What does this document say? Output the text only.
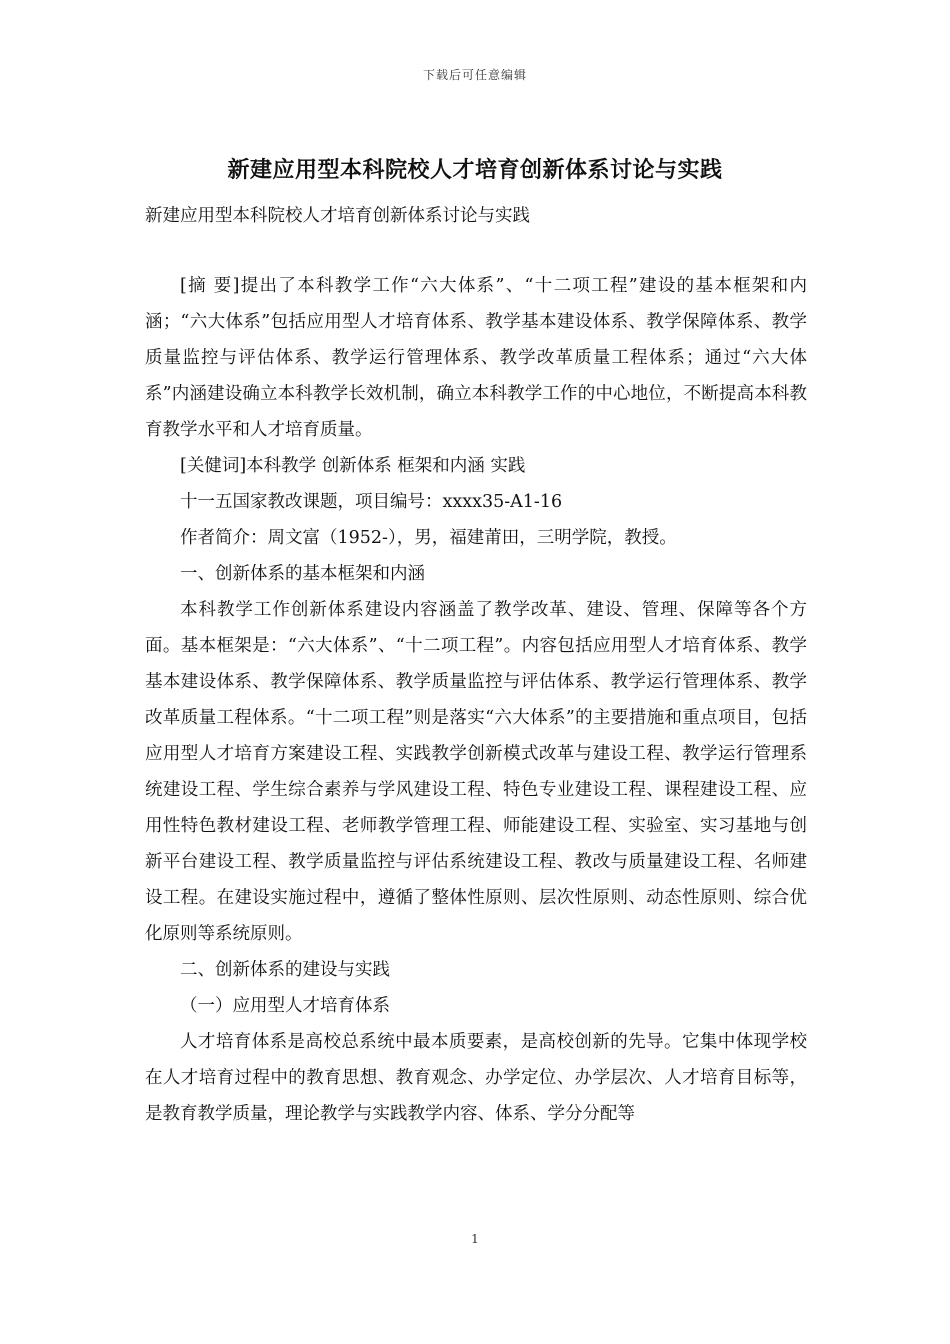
下载后可任意编辑
新建应用型本科院校人才培育创新体系讨论与实践
新建应用型本科院校人才培育创新体系讨论与实践

[摘 要]提出了本科教学工作“六大体系”、“十二项工程”建设的基本框架和内涵；“六大体系”包括应用型人才培育体系、教学基本建设体系、教学保障体系、教学质量监控与评估体系、教学运行管理体系、教学改革质量工程体系；通过“六大体系”内涵建设确立本科教学长效机制，确立本科教学工作的中心地位，不断提高本科教育教学水平和人才培育质量。

[关健词]本科教学 创新体系 框架和内涵 实践

十一五国家教改课题，项目编号：xxxx35-A1-16

作者简介：周文富（1952-），男，福建莆田，三明学院，教授。

一、创新体系的基本框架和内涵

本科教学工作创新体系建设内容涵盖了教学改革、建设、管理、保障等各个方面。基本框架是：“六大体系”、“十二项工程”。内容包括应用型人才培育体系、教学基本建设体系、教学保障体系、教学质量监控与评估体系、教学运行管理体系、教学改革质量工程体系。“十二项工程”则是落实“六大体系”的主要措施和重点项目，包括应用型人才培育方案建设工程、实践教学创新模式改革与建设工程、教学运行管理系统建设工程、学生综合素养与学风建设工程、特色专业建设工程、课程建设工程、应用性特色教材建设工程、老师教学管理工程、师能建设工程、实验室、实习基地与创新平台建设工程、教学质量监控与评估系统建设工程、教改与质量建设工程、名师建设工程。在建设实施过程中，遵循了整体性原则、层次性原则、动态性原则、综合优化原则等系统原则。

二、创新体系的建设与实践

（一）应用型人才培育体系

人才培育体系是高校总系统中最本质要素，是高校创新的先导。它集中体现学校在人才培育过程中的教育思想、教育观念、办学定位、办学层次、人才培育目标等，是教育教学质量，理论教学与实践教学内容、体系、学分分配等

1
